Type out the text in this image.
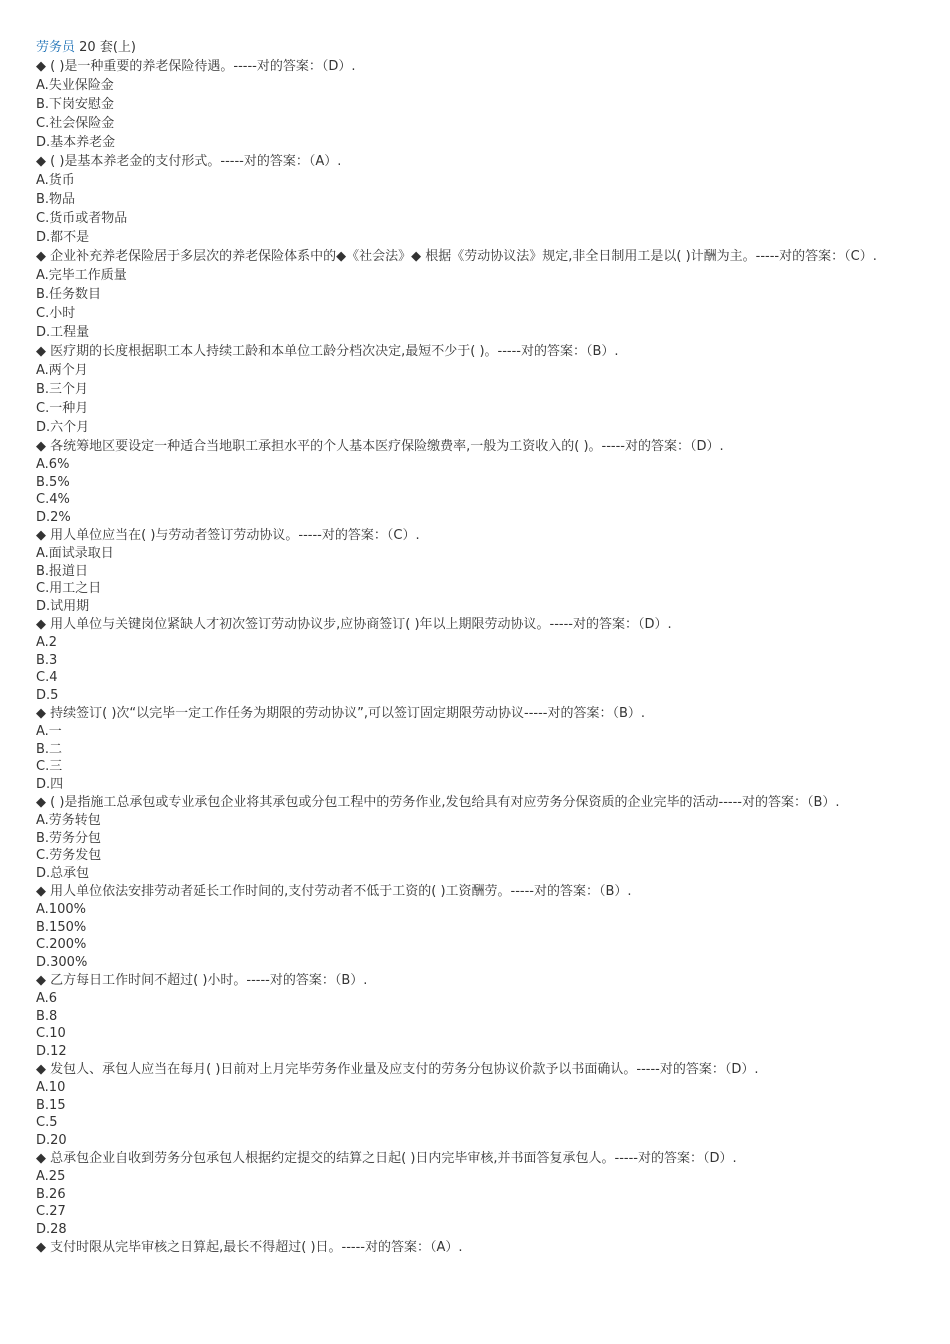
劳务员 20 套(上)
◆ ( )是一种重要的养老保险待遇。-----对的答案：（D）.
A.失业保险金
B.下岗安慰金
C.社会保险金
D.基本养老金
◆ ( )是基本养老金的支付形式。-----对的答案：（A）.
A.货币
B.物品
C.货币或者物品
D.都不是
◆ 企业补充养老保险居于多层次的养老保险体系中的◆《社会法》◆ 根据《劳动协议法》规定,非全日制用工是以( )计酬为主。-----对的答案：（C）.
A.完毕工作质量
B.任务数目
C.小时
D.工程量
◆ 医疗期的长度根据职工本人持续工龄和本单位工龄分档次决定,最短不少于( )。-----对的答案：（B）.
A.两个月
B.三个月
C.一种月
D.六个月
◆ 各统筹地区要设定一种适合当地职工承担水平的个人基本医疗保险缴费率,一般为工资收入的( )。-----对的答案：（D）.
A.6%
B.5%
C.4%
D.2%
◆ 用人单位应当在( )与劳动者签订劳动协议。-----对的答案：（C）.
A.面试录取日
B.报道日
C.用工之日
D.试用期
◆ 用人单位与关键岗位紧缺人才初次签订劳动协议步,应协商签订( )年以上期限劳动协议。-----对的答案：（D）.
A.2
B.3
C.4
D.5
◆ 持续签订( )次“以完毕一定工作任务为期限的劳动协议”,可以签订固定期限劳动协议-----对的答案：（B）.
A.一
B.二
C.三
D.四
◆ ( )是指施工总承包或专业承包企业将其承包或分包工程中的劳务作业,发包给具有对应劳务分保资质的企业完毕的活动-----对的答案：（B）.
A.劳务转包
B.劳务分包
C.劳务发包
D.总承包
◆ 用人单位依法安排劳动者延长工作时间的,支付劳动者不低于工资的( )工资酬劳。-----对的答案：（B）.
A.100%
B.150%
C.200%
D.300%
◆ 乙方每日工作时间不超过( )小时。-----对的答案：（B）.
A.6
B.8
C.10
D.12
◆ 发包人、承包人应当在每月( )日前对上月完毕劳务作业量及应支付的劳务分包协议价款予以书面确认。-----对的答案：（D）.
A.10
B.15
C.5
D.20
◆ 总承包企业自收到劳务分包承包人根据约定提交的结算之日起( )日内完毕审核,并书面答复承包人。-----对的答案：（D）.
A.25
B.26
C.27
D.28
◆ 支付时限从完毕审核之日算起,最长不得超过( )日。-----对的答案：（A）.
